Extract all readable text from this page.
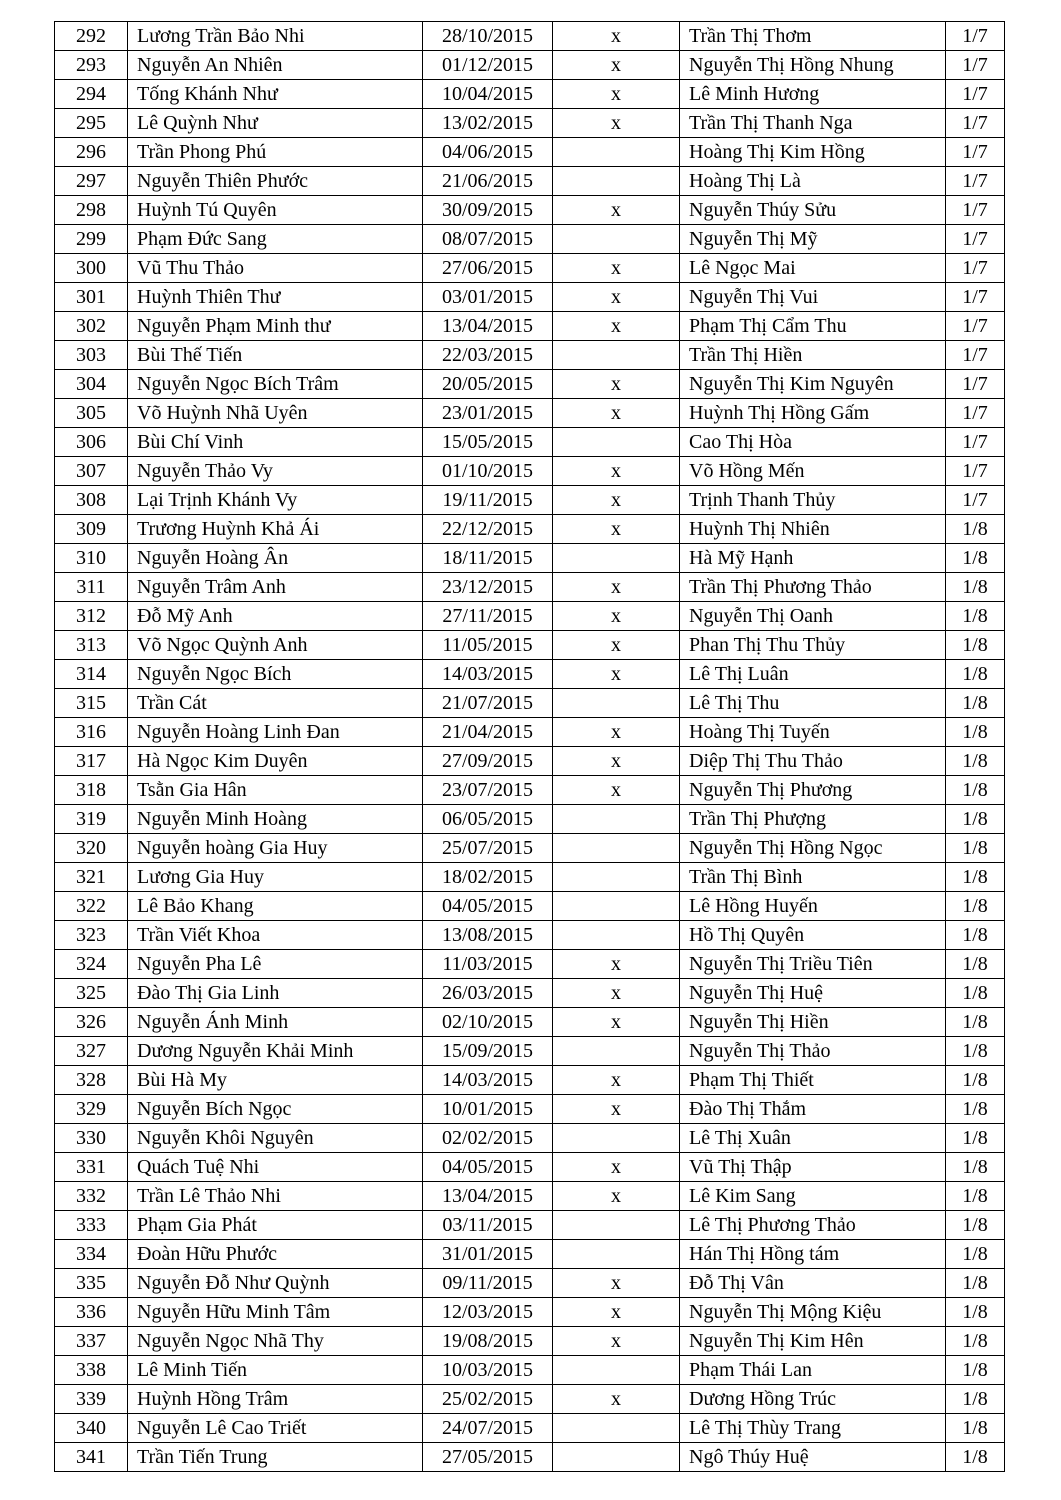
292	Lương Trần Bảo Nhi	28/10/2015	x	Trần Thị Thơm	1/7
293	Nguyễn An Nhiên	01/12/2015	x	Nguyễn Thị Hồng Nhung	1/7
294	Tống Khánh Như	10/04/2015	x	Lê Minh Hương	1/7
295	Lê Quỳnh Như	13/02/2015	x	Trần Thị Thanh Nga	1/7
296	Trần Phong Phú	04/06/2015		Hoàng Thị Kim Hồng	1/7
297	Nguyễn Thiên Phước	21/06/2015		Hoàng Thị Là	1/7
298	Huỳnh Tú Quyên	30/09/2015	x	Nguyễn Thúy Sửu	1/7
299	Phạm Đức Sang	08/07/2015		Nguyễn Thị Mỹ	1/7
300	Vũ Thu Thảo	27/06/2015	x	Lê Ngọc Mai	1/7
301	Huỳnh Thiên Thư	03/01/2015	x	Nguyễn Thị Vui	1/7
302	Nguyễn Phạm Minh thư	13/04/2015	x	Phạm Thị Cẩm Thu	1/7
303	Bùi Thế Tiến	22/03/2015		Trần Thị Hiền	1/7
304	Nguyễn Ngọc Bích Trâm	20/05/2015	x	Nguyễn Thị Kim Nguyên	1/7
305	Võ Huỳnh Nhã Uyên	23/01/2015	x	Huỳnh Thị Hồng Gấm	1/7
306	Bùi Chí Vinh	15/05/2015		Cao Thị Hòa	1/7
307	Nguyễn Thảo Vy	01/10/2015	x	Võ Hồng Mến	1/7
308	Lại Trịnh Khánh Vy	19/11/2015	x	Trịnh Thanh Thủy	1/7
309	Trương Huỳnh Khả Ái	22/12/2015	x	Huỳnh Thị Nhiên	1/8
310	Nguyễn Hoàng Ân	18/11/2015		Hà Mỹ Hạnh	1/8
311	Nguyễn Trâm Anh	23/12/2015	x	Trần Thị Phương Thảo	1/8
312	Đỗ Mỹ Anh	27/11/2015	x	Nguyễn Thị Oanh	1/8
313	Võ Ngọc Quỳnh Anh	11/05/2015	x	Phan Thị Thu Thủy	1/8
314	Nguyễn Ngọc Bích	14/03/2015	x	Lê Thị Luân	1/8
315	Trần Cát	21/07/2015		Lê Thị Thu	1/8
316	Nguyễn Hoàng Linh Đan	21/04/2015	x	Hoàng Thị Tuyến	1/8
317	Hà Ngọc Kim Duyên	27/09/2015	x	Diệp Thị Thu Thảo	1/8
318	Tsằn Gia Hân	23/07/2015	x	Nguyễn Thị Phương	1/8
319	Nguyễn Minh Hoàng	06/05/2015		Trần Thị Phượng	1/8
320	Nguyễn hoàng Gia Huy	25/07/2015		Nguyễn Thị Hồng Ngọc	1/8
321	Lương Gia Huy	18/02/2015		Trần Thị Bình	1/8
322	Lê Bảo Khang	04/05/2015		Lê Hồng Huyến	1/8
323	Trần Viết Khoa	13/08/2015		Hồ Thị Quyên	1/8
324	Nguyễn Pha Lê	11/03/2015	x	Nguyễn Thị Triều Tiên	1/8
325	Đào Thị Gia Linh	26/03/2015	x	Nguyễn Thị Huệ	1/8
326	Nguyễn Ánh Minh	02/10/2015	x	Nguyễn Thị Hiền	1/8
327	Dương Nguyễn Khải Minh	15/09/2015		Nguyễn Thị Thảo	1/8
328	Bùi Hà My	14/03/2015	x	Phạm Thị Thiết	1/8
329	Nguyễn Bích Ngọc	10/01/2015	x	Đào Thị Thắm	1/8
330	Nguyễn Khôi Nguyên	02/02/2015		Lê Thị Xuân	1/8
331	Quách Tuệ Nhi	04/05/2015	x	Vũ Thị Thập	1/8
332	Trần Lê Thảo Nhi	13/04/2015	x	Lê Kim Sang	1/8
333	Phạm Gia Phát	03/11/2015		Lê Thị Phương Thảo	1/8
334	Đoàn Hữu Phước	31/01/2015		Hán Thị Hồng tám	1/8
335	Nguyễn Đỗ Như Quỳnh	09/11/2015	x	Đỗ Thị Vân	1/8
336	Nguyễn Hữu Minh Tâm	12/03/2015	x	Nguyễn Thị Mộng Kiệu	1/8
337	Nguyễn Ngọc Nhã Thy	19/08/2015	x	Nguyễn Thị Kim Hên	1/8
338	Lê Minh Tiến	10/03/2015		Phạm Thái Lan	1/8
339	Huỳnh Hồng Trâm	25/02/2015	x	Dương Hồng Trúc	1/8
340	Nguyễn Lê Cao Triết	24/07/2015		Lê Thị Thùy Trang	1/8
341	Trần Tiến Trung	27/05/2015		Ngô Thúy Huệ	1/8
